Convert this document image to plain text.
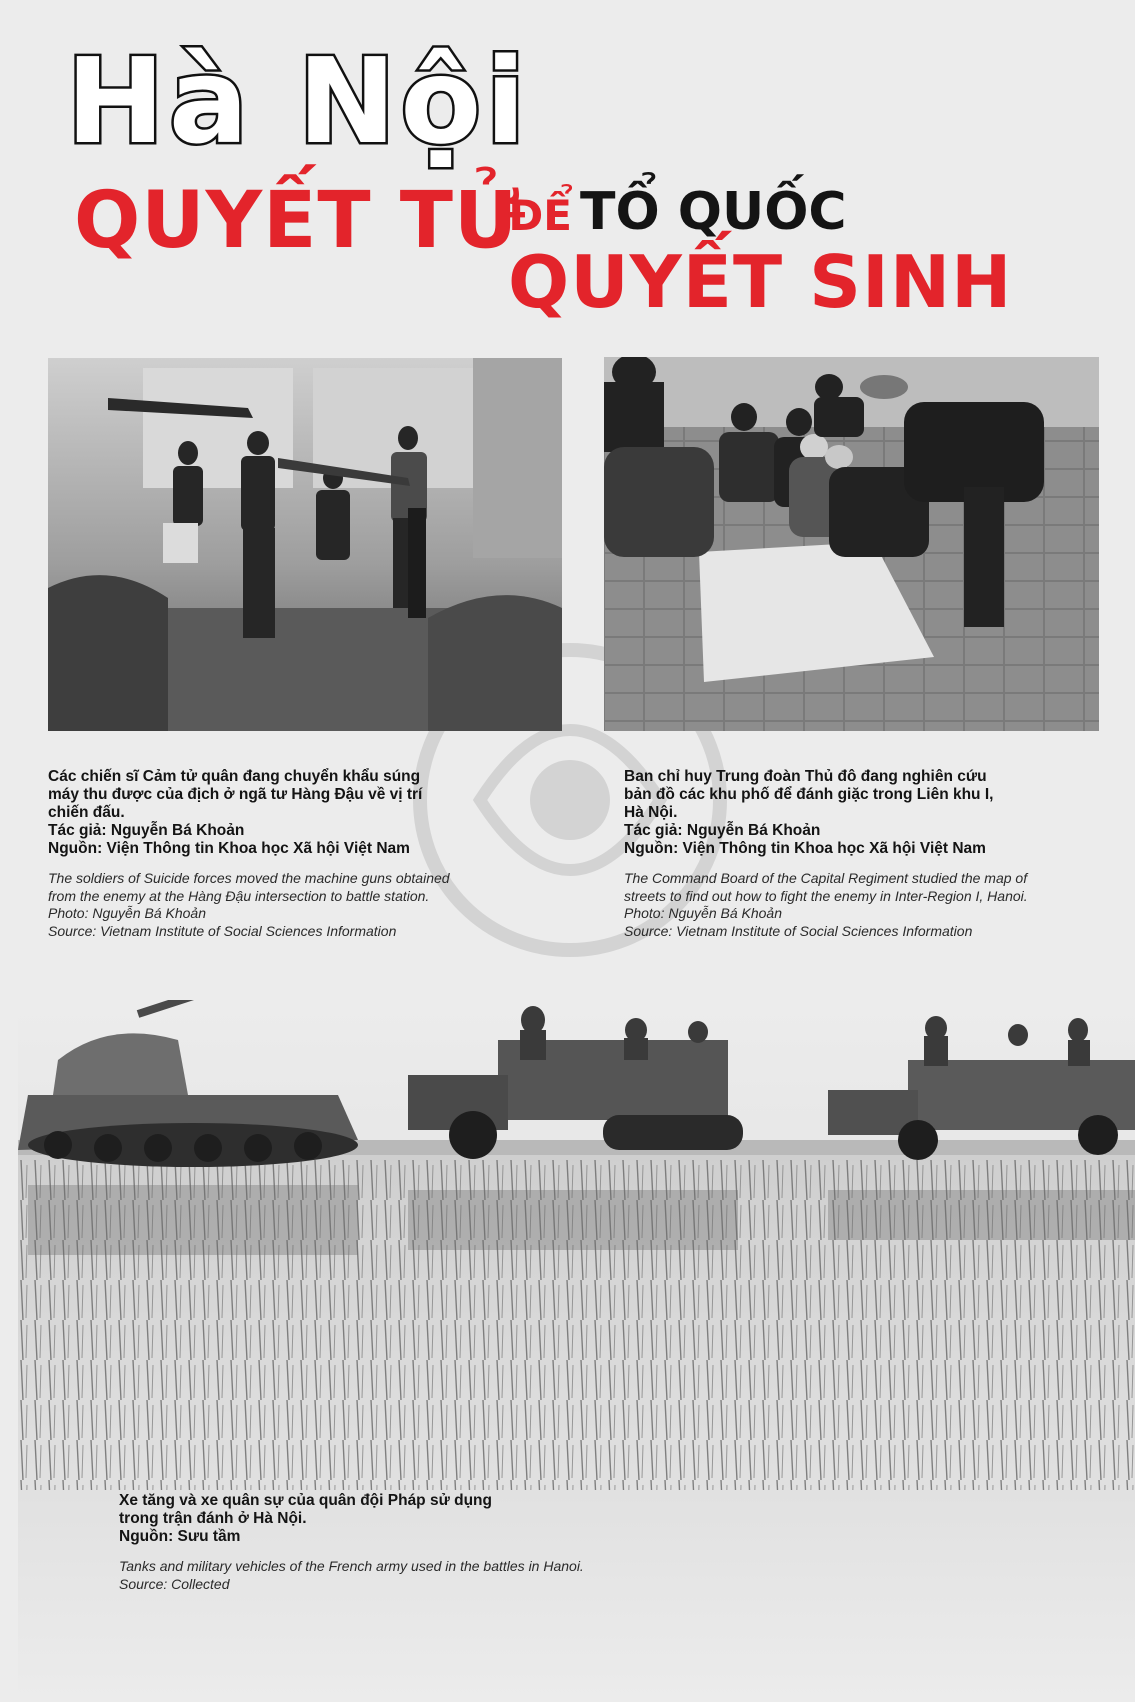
Hà Nội
QUYẾT TỬ
ĐỂ TỔ QUỐC
QUYẾT SINH

Các chiến sĩ Cảm tử quân đang chuyển khẩu súng
máy thu được của địch ở ngã tư Hàng Đậu về vị trí
chiến đấu.
Tác giả: Nguyễn Bá Khoản
Nguồn: Viện Thông tin Khoa học Xã hội Việt Nam

The soldiers of Suicide forces moved the machine guns obtained
from the enemy at the Hàng Đậu intersection to battle station.
Photo: Nguyễn Bá Khoản
Source: Vietnam Institute of Social Sciences Information

Ban chỉ huy Trung đoàn Thủ đô đang nghiên cứu
bản đồ các khu phố để đánh giặc trong Liên khu I,
Hà Nội.
Tác giả: Nguyễn Bá Khoản
Nguồn: Viện Thông tin Khoa học Xã hội Việt Nam

The Command Board of the Capital Regiment studied the map of
streets to find out how to fight the enemy in Inter-Region I, Hanoi.
Photo: Nguyễn Bá Khoản
Source: Vietnam Institute of Social Sciences Information

Xe tăng và xe quân sự của quân đội Pháp sử dụng
trong trận đánh ở Hà Nội.
Nguồn: Sưu tầm

Tanks and military vehicles of the French army used in the battles in Hanoi.
Source: Collected
